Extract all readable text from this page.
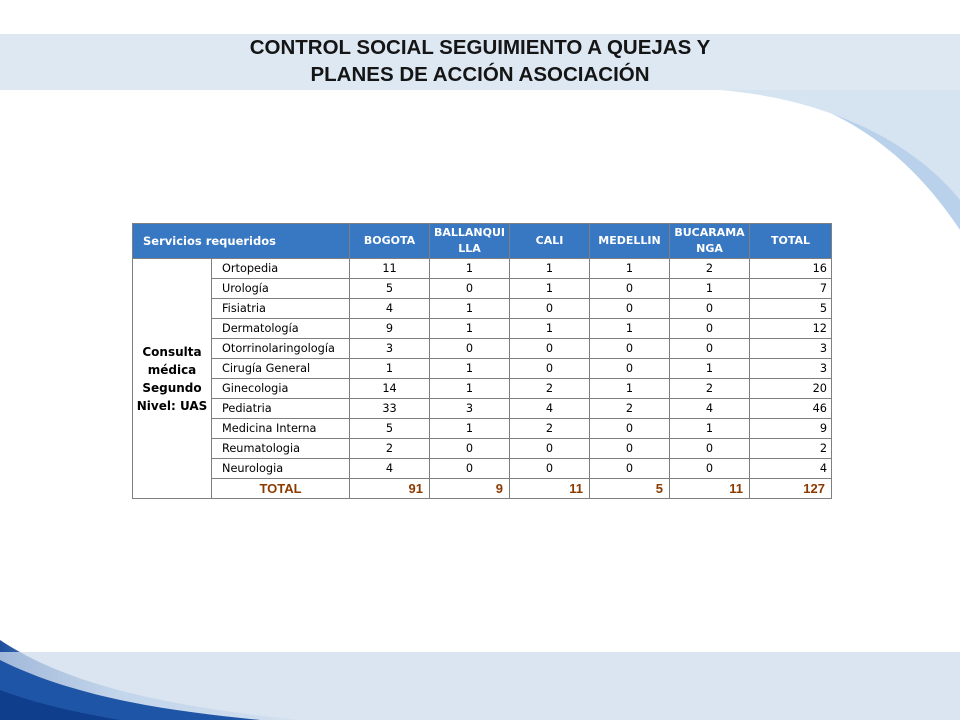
CONTROL SOCIAL SEGUIMIENTO A QUEJAS Y
PLANES DE ACCIÓN ASOCIACIÓN
Servicios requeridos		BOGOTA	BALLANQUI
LLA	CALI	MEDELLIN	BUCARAMA
NGA	TOTAL
Consulta
médica
Segundo
Nivel: UAS	Ortopedia	11	1	1	1	2	16
	Urología	5	0	1	0	1	7
	Fisiatria	4	1	0	0	0	5
	Dermatología	9	1	1	1	0	12
	Otorrinolaringología	3	0	0	0	0	3
	Cirugía General	1	1	0	0	1	3
	Ginecologia	14	1	2	1	2	20
	Pediatria	33	3	4	2	4	46
	Medicina Interna	5	1	2	0	1	9
	Reumatologia	2	0	0	0	0	2
	Neurologia	4	0	0	0	0	4
	TOTAL	91	9	11	5	11	127
